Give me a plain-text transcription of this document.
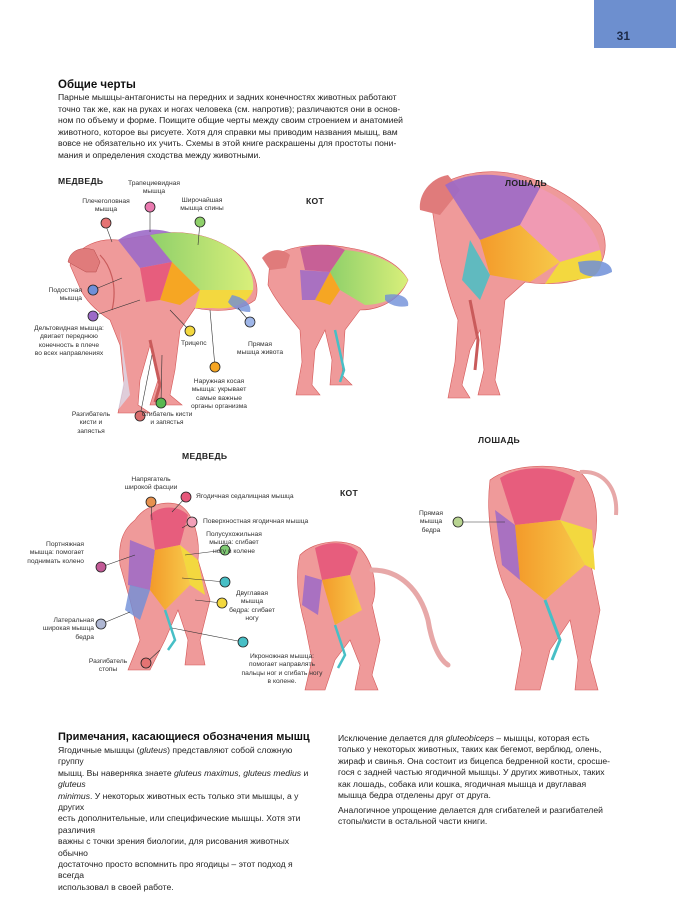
31
Общие черты
Парные мышцы-антагонисты на передних и задних конечностях животных работают
точно так же, как на руках и ногах человека (см. напротив); различаются они в основ-
ном по объему и форме. Поищите общие черты между своим строением и анатомией
животного, которое вы рисуете. Хотя для справки мы приводим названия мышц, вам
вовсе не обязательно их учить. Схемы в этой книге раскрашены для простоты пони-
мания и определения сходства между животными.
МЕДВЕДЬ
КОТ
ЛОШАДЬ
МЕДВЕДЬ
КОТ
ЛОШАДЬ
Трапециевидная
мышца
Плечеголовная
мышца
Широчайшая
мышца спины
Подостная
мышца
Дельтовидная мышца:
двигает переднюю
конечность в плече
во всех направлениях
Трицепс	Прямая
мышца живота
Наружная косая
мышца: укрывает
самые важные
органы организма
Разгибатель
кисти и
запястья
Сгибатель кисти
и запястья
Напрягатель
широкой фасции
Ягодичная седалищная мышца
Поверхностная ягодичная мышца
Полусухожильная
мышца: сгибает
ногу в колене
Портняжная
мышца: помогает
поднимать колено
Двуглавая
мышца
бедра: сгибает
ногу
Латеральная
широкая мышца
бедра
Икроножная мышца:
помогает направлять
пальцы ног и сгибать ногу
в колене.
Разгибатель
стопы
Прямая
мышца
бедра
Примечания, касающиеся обозначения мышц

Ягодичные мышцы (gluteus) представляют собой сложную группу
мышц. Вы наверняка знаете gluteus maximus, gluteus medius и gluteus
minimus. У некоторых животных есть только эти мышцы, а у других
есть дополнительные, или специфические мышцы. Хотя эти различия
важны с точки зрения биологии, для рисования животных обычно
достаточно просто вспомнить про ягодицы – этот подход я всегда
использовал в своей работе.

Исключение делается для gluteobiceps – мышцы, которая есть
только у некоторых животных, таких как бегемот, верблюд, олень,
жираф и свинья. Она состоит из бицепса бедренной кости, сросше-
гося с задней частью ягодичной мышцы. У других животных, таких
как лошадь, собака или кошка, ягодичная мышца и двуглавая
мышца бедра отделены друг от друга.

Аналогичное упрощение делается для сгибателей и разгибателей
стопы/кисти в остальной части книги.
